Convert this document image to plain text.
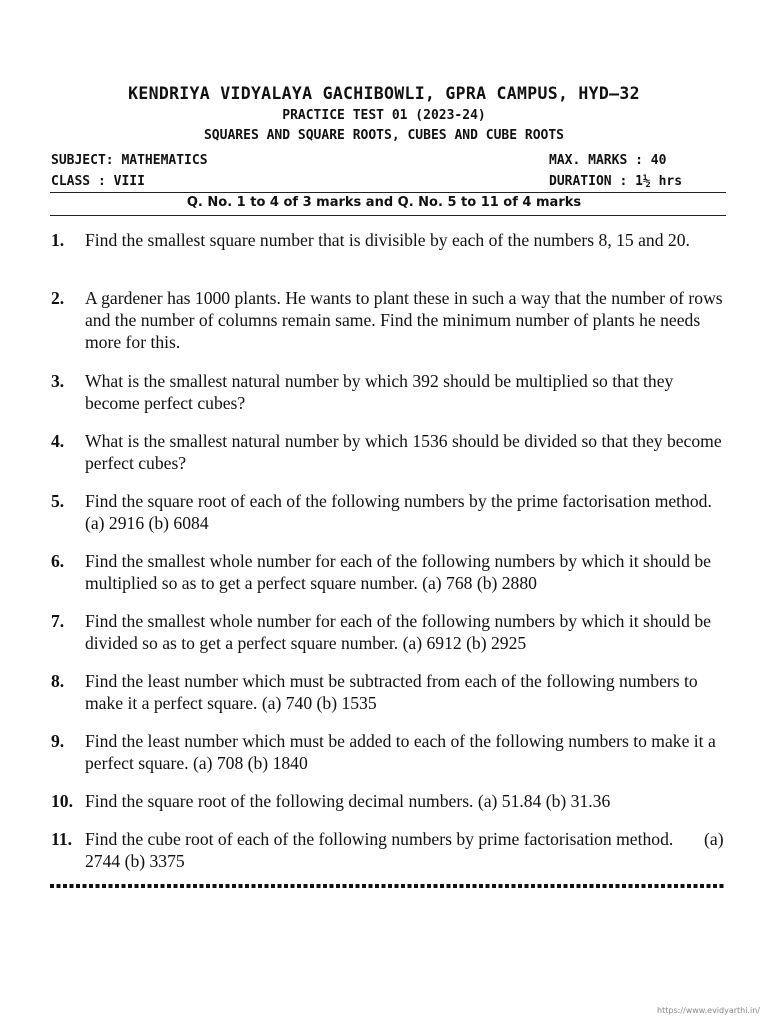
KENDRIYA VIDYALAYA GACHIBOWLI, GPRA CAMPUS, HYD–32
PRACTICE TEST 01 (2023-24)
SQUARES AND SQUARE ROOTS, CUBES AND CUBE ROOTS
SUBJECT: MATHEMATICS
CLASS : VIII
MAX. MARKS : 40
DURATION : 1½ hrs
Q. No. 1 to 4 of 3 marks and Q. No. 5 to 11 of 4 marks
1. Find the smallest square number that is divisible by each of the numbers 8, 15 and 20.
2. A gardener has 1000 plants. He wants to plant these in such a way that the number of rows and the number of columns remain same. Find the minimum number of plants he needs more for this.
3. What is the smallest natural number by which 392 should be multiplied so that they become perfect cubes?
4. What is the smallest natural number by which 1536 should be divided so that they become perfect cubes?
5. Find the square root of each of the following numbers by the prime factorisation method. (a) 2916 (b) 6084
6. Find the smallest whole number for each of the following numbers by which it should be multiplied so as to get a perfect square number. (a) 768 (b) 2880
7. Find the smallest whole number for each of the following numbers by which it should be divided so as to get a perfect square number. (a) 6912 (b) 2925
8. Find the least number which must be subtracted from each of the following numbers to make it a perfect square. (a) 740 (b) 1535
9. Find the least number which must be added to each of the following numbers to make it a perfect square. (a) 708 (b) 1840
10. Find the square root of the following decimal numbers. (a) 51.84 (b) 31.36
11. Find the cube root of each of the following numbers by prime factorisation method.       (a) 2744 (b) 3375
https://www.evidyarthi.in/
